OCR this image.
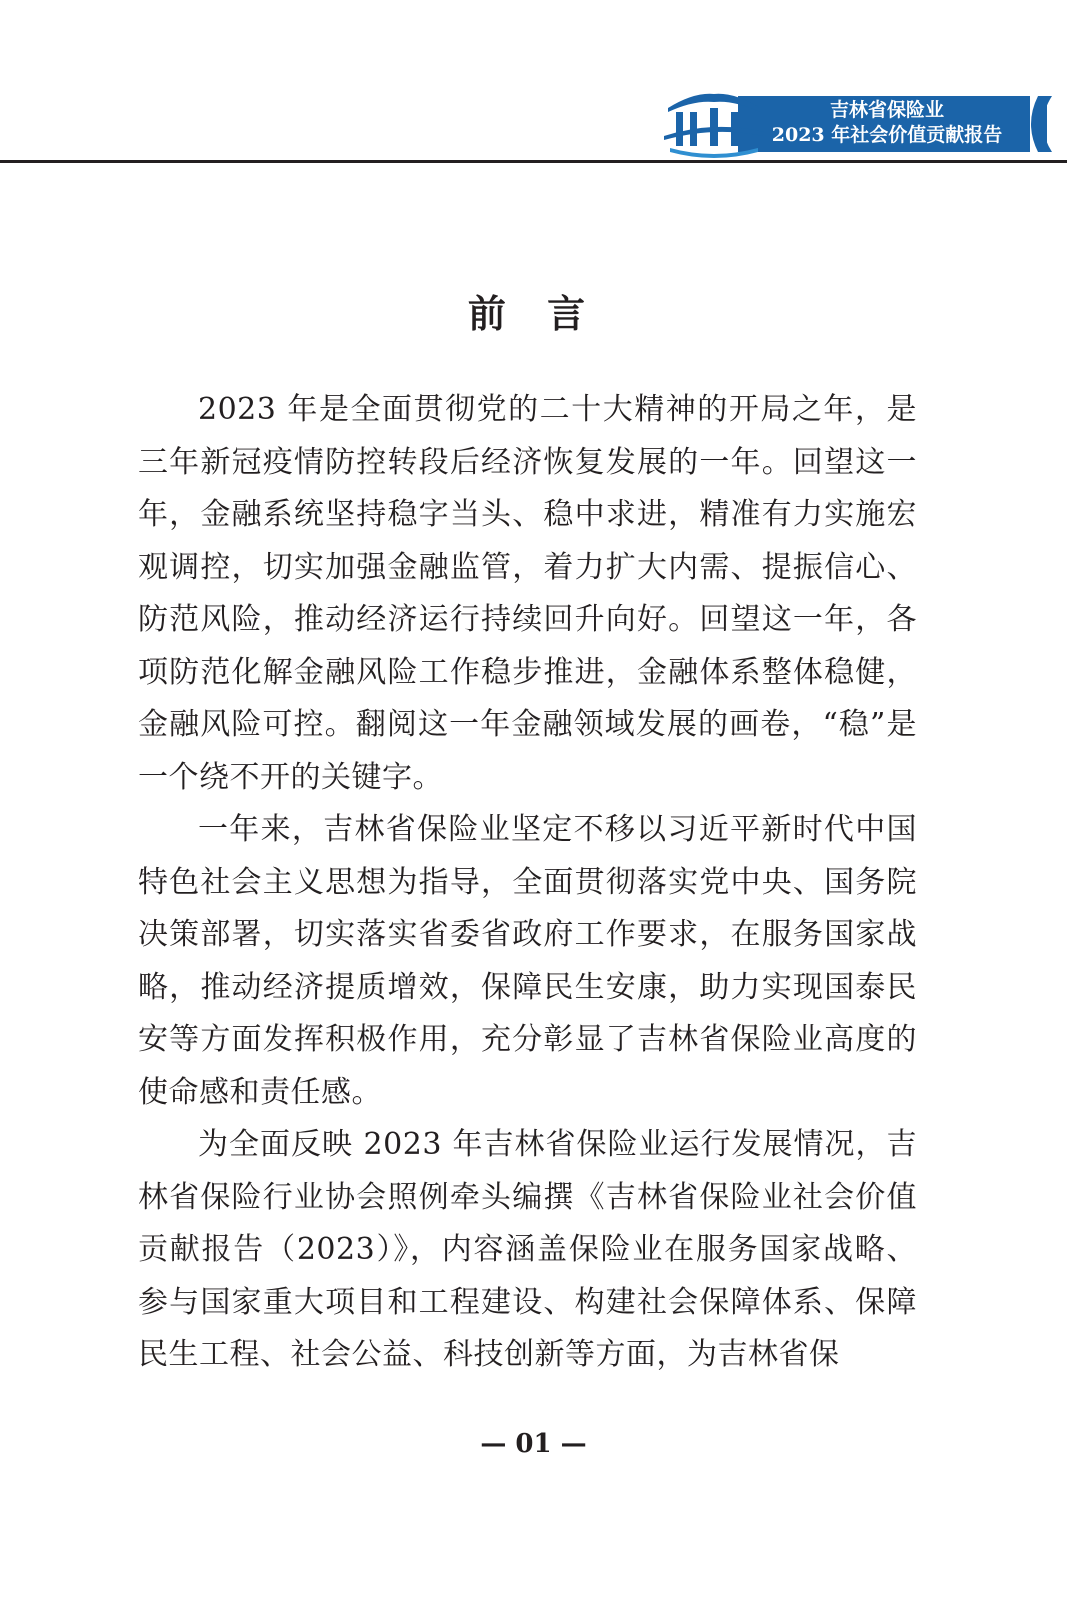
吉林省保险业
2023 年社会价值贡献报告
前 言

2023 年是全面贯彻党的二十大精神的开局之年，是三年新冠疫情防控转段后经济恢复发展的一年。回望这一年，金融系统坚持稳字当头、稳中求进，精准有力实施宏观调控，切实加强金融监管，着力扩大内需、提振信心、防范风险，推动经济运行持续回升向好。回望这一年，各项防范化解金融风险工作稳步推进，金融体系整体稳健，金融风险可控。翻阅这一年金融领域发展的画卷，“稳”是一个绕不开的关键字。

一年来，吉林省保险业坚定不移以习近平新时代中国特色社会主义思想为指导，全面贯彻落实党中央、国务院决策部署，切实落实省委省政府工作要求，在服务国家战略，推动经济提质增效，保障民生安康，助力实现国泰民安等方面发挥积极作用，充分彰显了吉林省保险业高度的使命感和责任感。

为全面反映 2023 年吉林省保险业运行发展情况，吉林省保险行业协会照例牵头编撰《吉林省保险业社会价值贡献报告（2023）》，内容涵盖保险业在服务国家战略、参与国家重大项目和工程建设、构建社会保障体系、保障民生工程、社会公益、科技创新等方面，为吉林省保

— 01 —
